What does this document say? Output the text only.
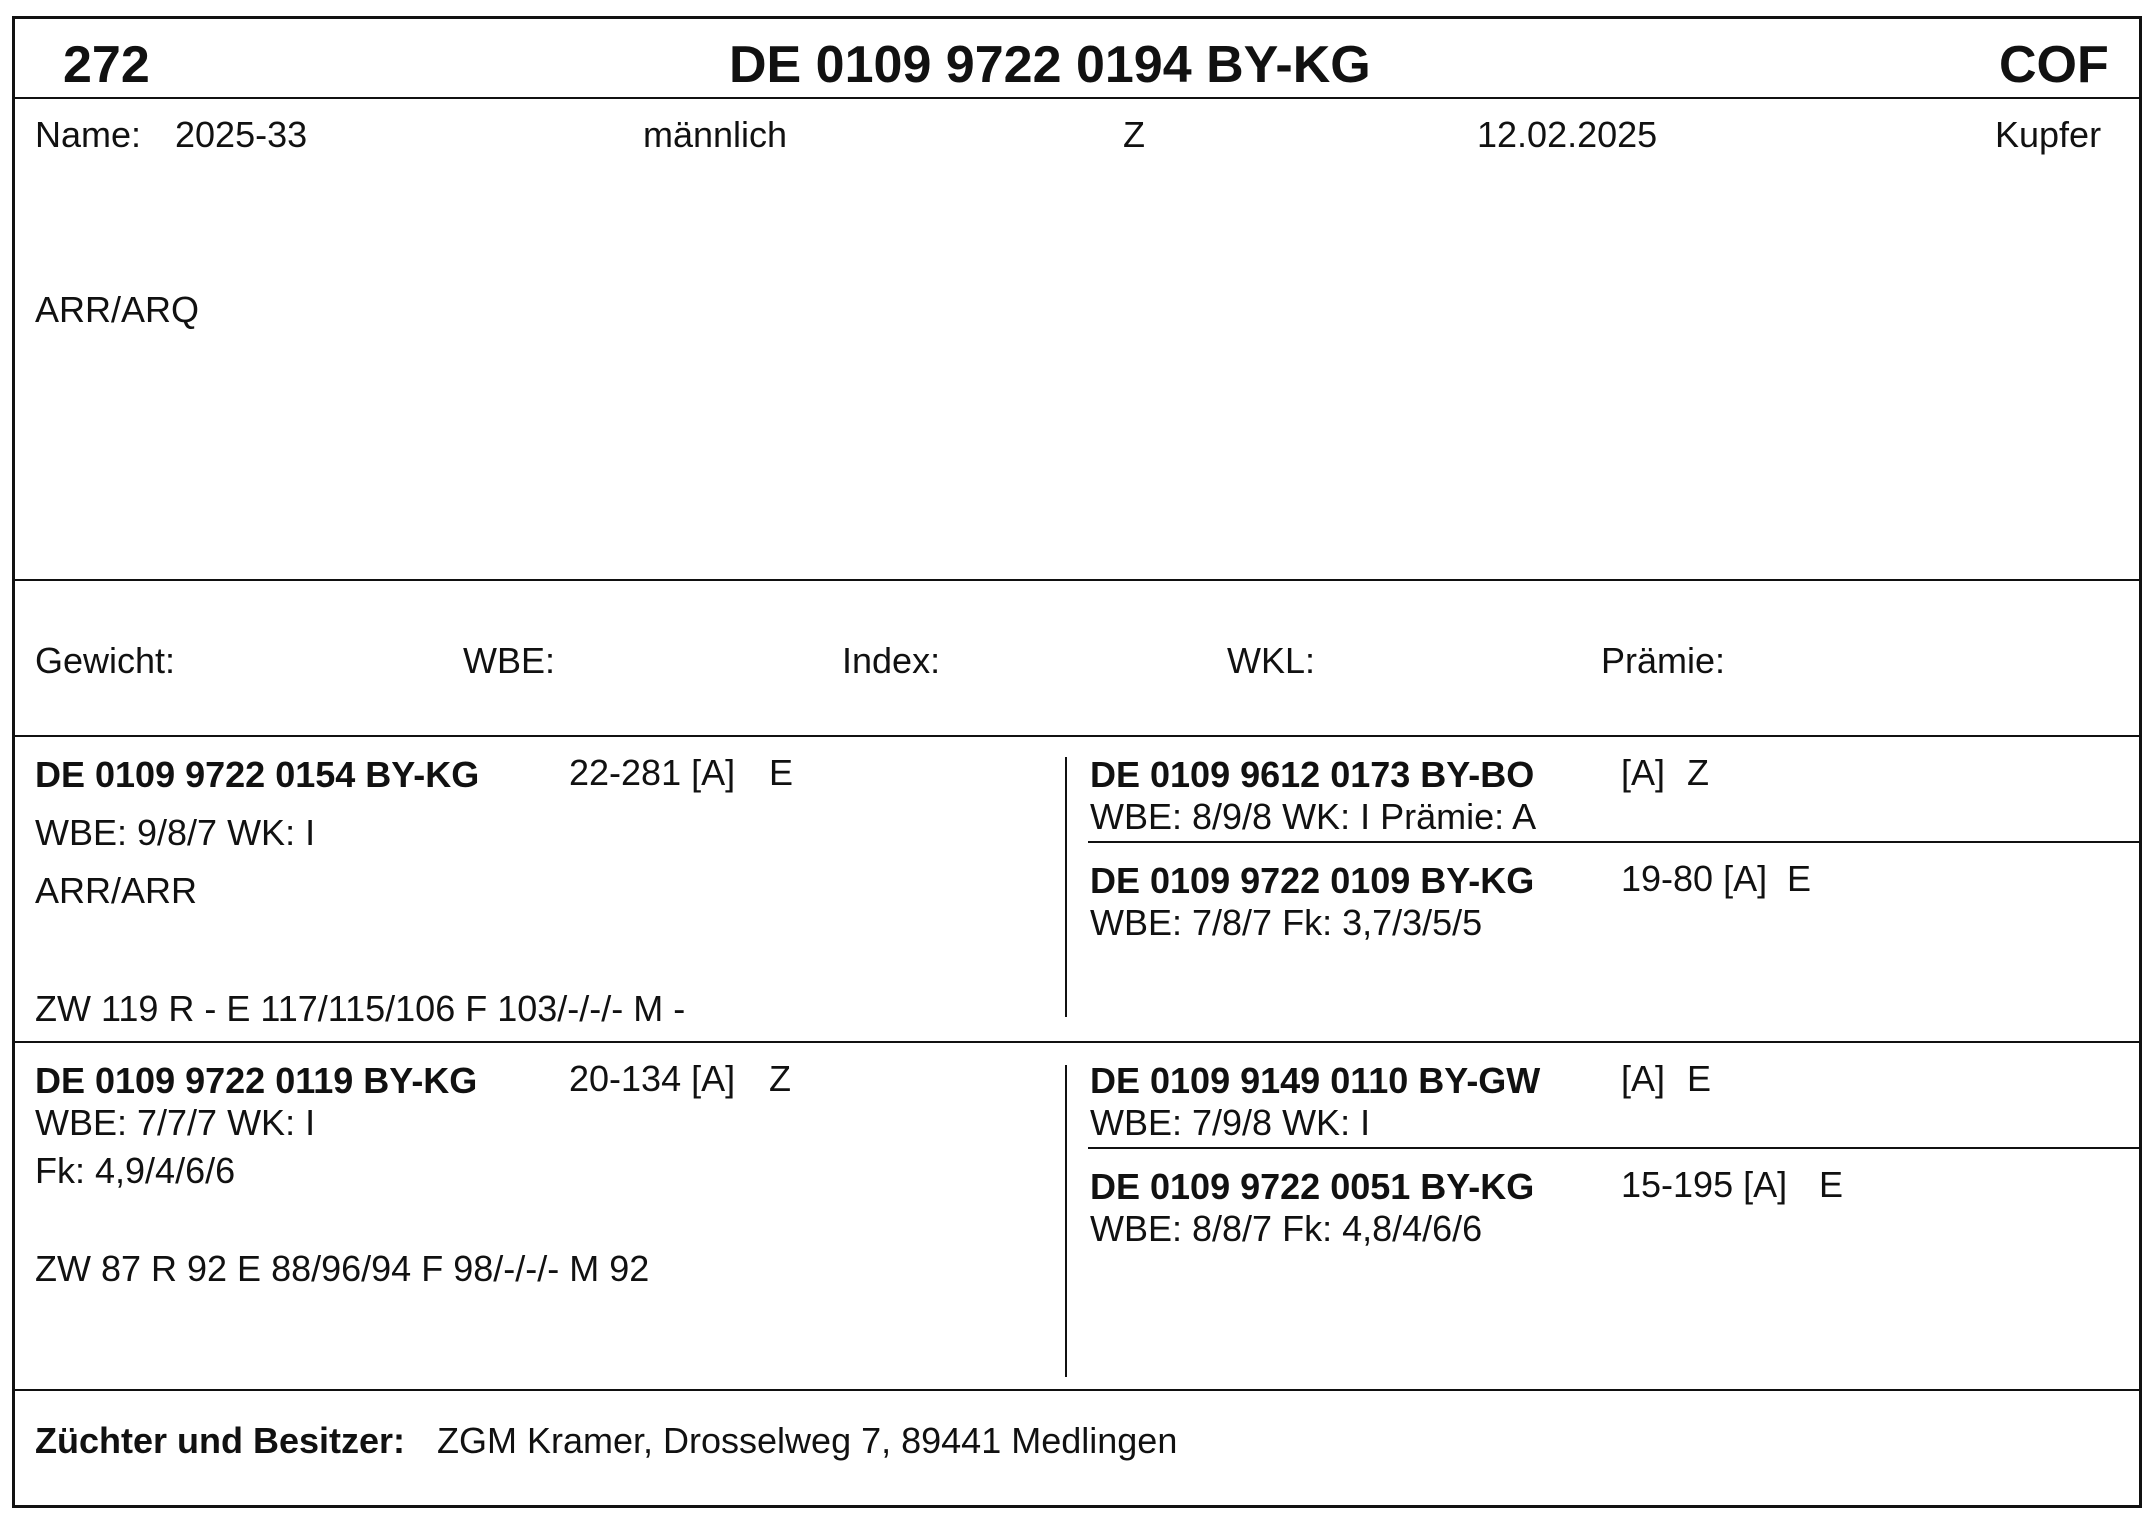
272	DE 0109 9722 0194 BY-KG	COF
Name: 2025-33	männlich	Z	12.02.2025	Kupfer
ARR/ARQ
Gewicht:	WBE:	Index:	WKL:	Prämie:
DE 0109 9722 0154 BY-KG 22-281 [A] E
WBE: 9/8/7 WK: I
ARR/ARR
ZW 119 R - E 117/115/106 F 103/-/-/- M -
DE 0109 9612 0173 BY-BO [A] Z
WBE: 8/9/8 WK: I Prämie: A
DE 0109 9722 0109 BY-KG 19-80 [A] E
WBE: 7/8/7 Fk: 3,7/3/5/5
DE 0109 9722 0119 BY-KG	20-134 [A] Z
WBE: 7/7/7 WK: I
Fk: 4,9/4/6/6
ZW 87 R 92 E 88/96/94 F 98/-/-/- M 92
DE 0109 9149 0110 BY-GW [A] E
WBE: 7/9/8 WK: I
DE 0109 9722 0051 BY-KG 15-195 [A] E
WBE: 8/8/7 Fk: 4,8/4/6/6
Züchter und Besitzer: ZGM Kramer, Drosselweg 7, 89441 Medlingen
